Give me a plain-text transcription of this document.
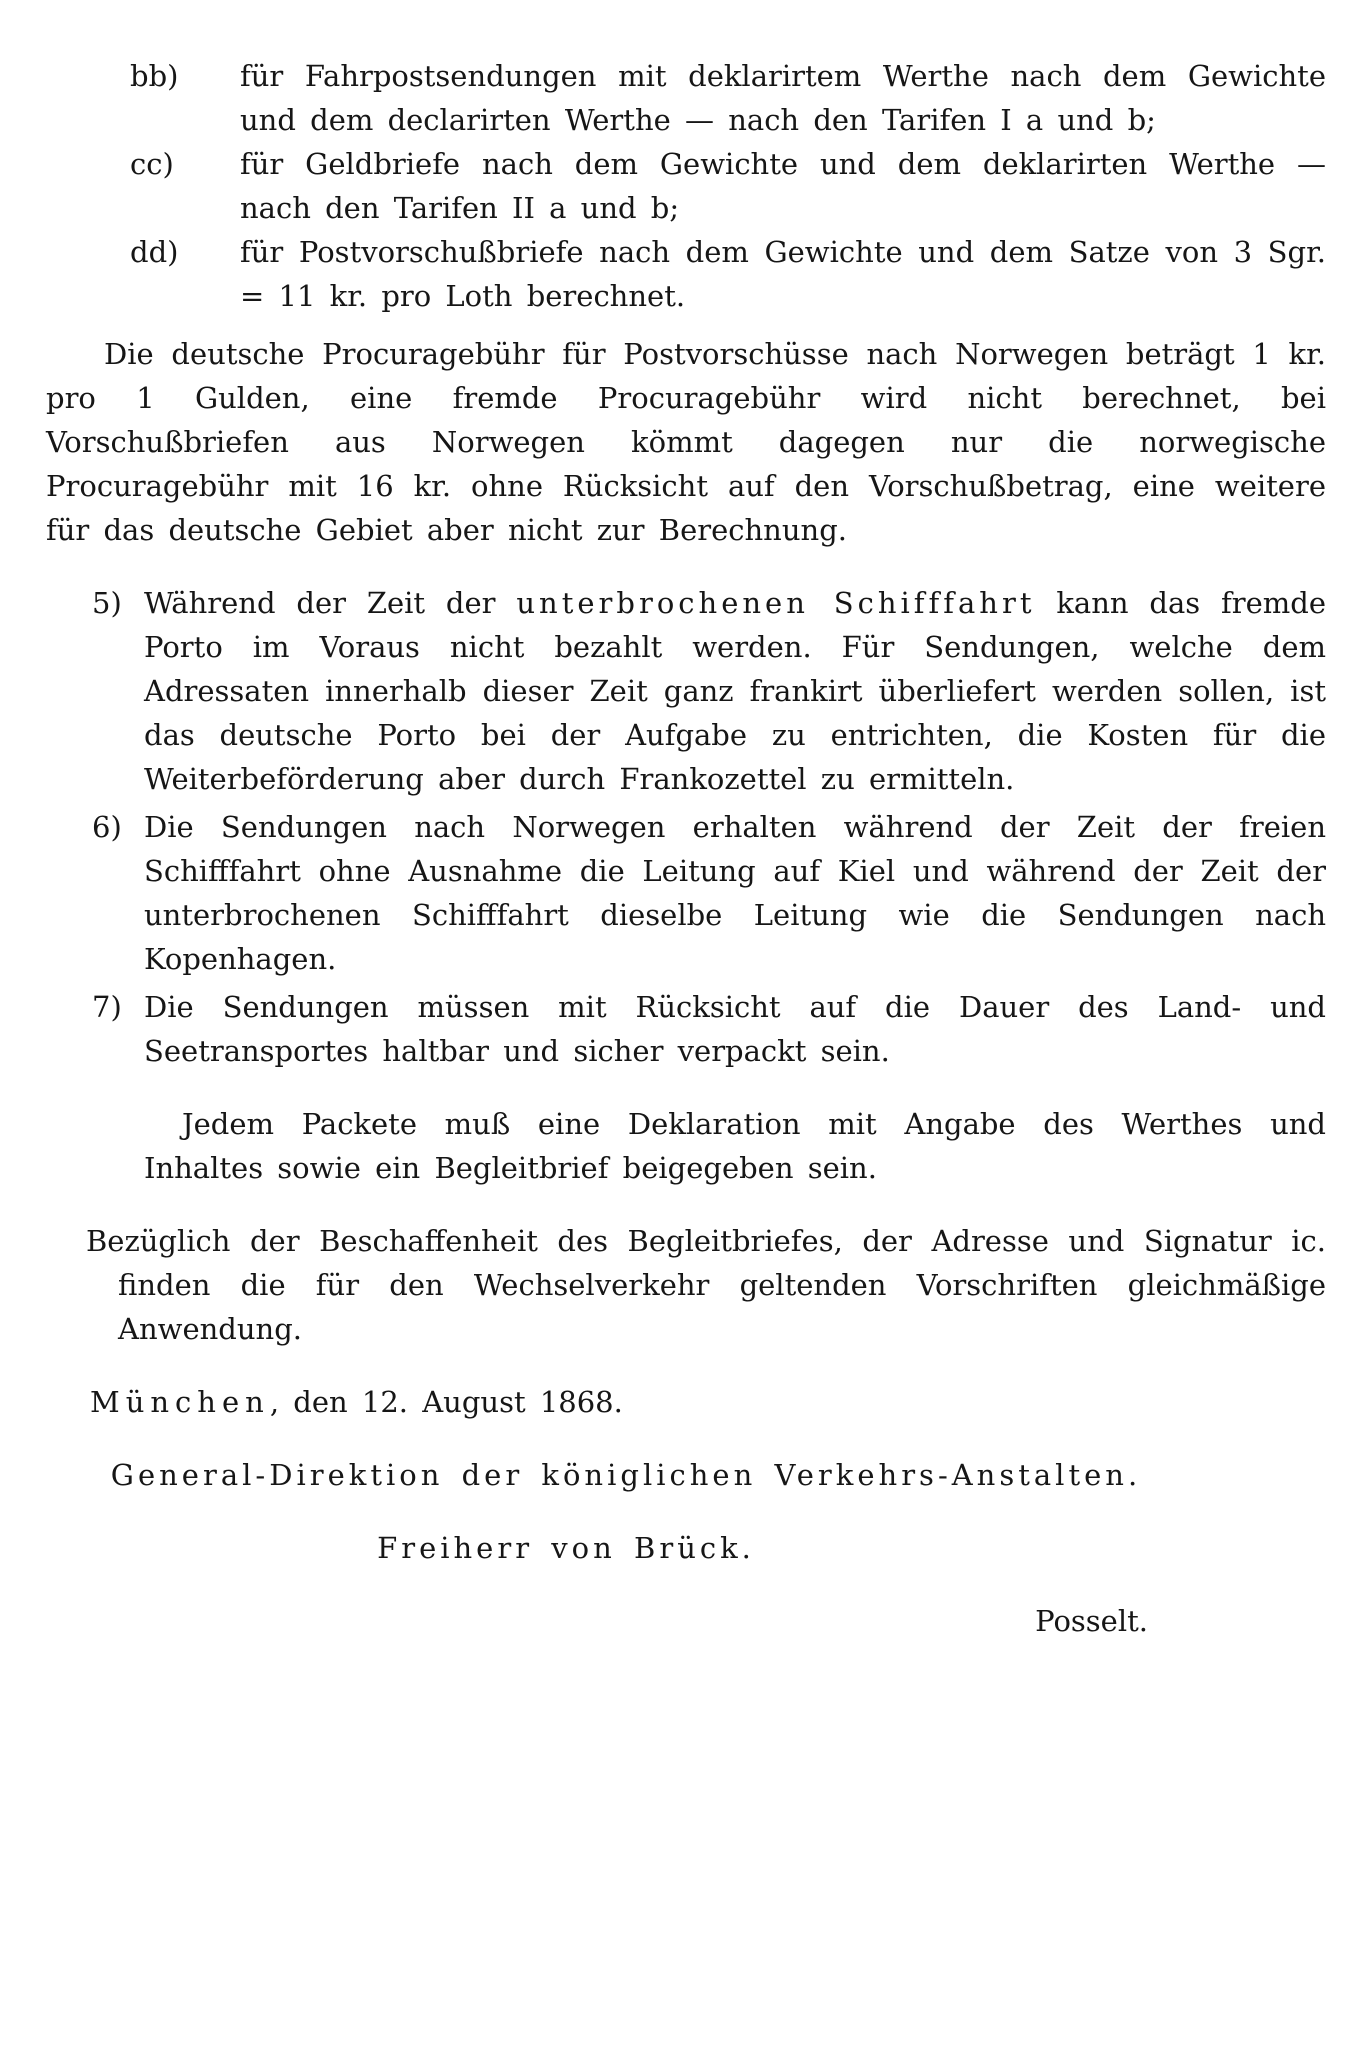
bb)	für Fahrpostsendungen mit deklarirtem Werthe nach dem Gewichte und dem declarirten Werthe — nach den Tarifen I a und b;
cc)	für Geldbriefe nach dem Gewichte und dem deklarirten Werthe — nach den Tarifen II a und b;
dd)	für Postvorschußbriefe nach dem Gewichte und dem Satze von 3 Sgr. = 11 kr. pro Loth berechnet.

Die deutsche Procuragebühr für Postvorschüsse nach Norwegen beträgt 1 kr. pro 1 Gulden, eine fremde Procuragebühr wird nicht berechnet, bei Vorschußbriefen aus Norwegen kömmt dagegen nur die norwegische Procuragebühr mit 16 kr. ohne Rücksicht auf den Vorschußbetrag, eine weitere für das deutsche Gebiet aber nicht zur Berechnung.

5) Während der Zeit der unterbrochenen Schifffahrt kann das fremde Porto im Voraus nicht bezahlt werden. Für Sendungen, welche dem Adressaten innerhalb dieser Zeit ganz frankirt überliefert werden sollen, ist das deutsche Porto bei der Aufgabe zu entrichten, die Kosten für die Weiterbeförderung aber durch Frankozettel zu ermitteln.
6) Die Sendungen nach Norwegen erhalten während der Zeit der freien Schifffahrt ohne Ausnahme die Leitung auf Kiel und während der Zeit der unterbrochenen Schifffahrt dieselbe Leitung wie die Sendungen nach Kopenhagen.
7) Die Sendungen müssen mit Rücksicht auf die Dauer des Land- und Seetransportes haltbar und sicher verpackt sein.

Jedem Packete muß eine Deklaration mit Angabe des Werthes und Inhaltes sowie ein Begleitbrief beigegeben sein.

Bezüglich der Beschaffenheit des Begleitbriefes, der Adresse und Signatur ic. finden die für den Wechselverkehr geltenden Vorschriften gleichmäßige Anwendung.

München, den 12. August 1868.

General-Direktion der königlichen Verkehrs-Anstalten.

Freiherr von Brück.

Posselt.
